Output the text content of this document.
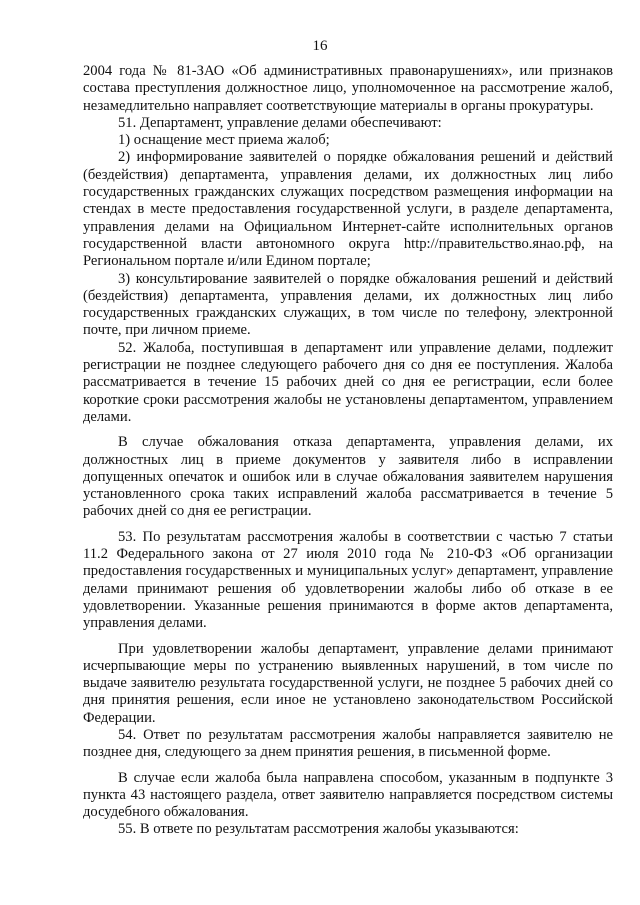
16

2004 года № 81-ЗАО «Об административных правонарушениях», или признаков состава преступления должностное лицо, уполномоченное на рассмотрение жалоб, незамедлительно направляет соответствующие материалы в органы прокуратуры.

51. Департамент, управление делами обеспечивают:

1) оснащение мест приема жалоб;

2) информирование заявителей о порядке обжалования решений и действий (бездействия) департамента, управления делами, их должностных лиц либо государственных гражданских служащих посредством размещения информации на стендах в месте предоставления государственной услуги, в разделе департамента, управления делами на Официальном Интернет-сайте исполнительных органов государственной власти автономного округа http://правительство.янао.рф, на Региональном портале и/или Едином портале;

3) консультирование заявителей о порядке обжалования решений и действий (бездействия) департамента, управления делами, их должностных лиц либо государственных гражданских служащих, в том числе по телефону, электронной почте, при личном приеме.

52. Жалоба, поступившая в департамент или управление делами, подлежит регистрации не позднее следующего рабочего дня со дня ее поступления. Жалоба рассматривается в течение 15 рабочих дней со дня ее регистрации, если более короткие сроки рассмотрения жалобы не установлены департаментом, управлением делами.

В случае обжалования отказа департамента, управления делами, их должностных лиц в приеме документов у заявителя либо в исправлении допущенных опечаток и ошибок или в случае обжалования заявителем нарушения установленного срока таких исправлений жалоба рассматривается в течение 5 рабочих дней со дня ее регистрации.

53. По результатам рассмотрения жалобы в соответствии с частью 7 статьи 11.2 Федерального закона от 27 июля 2010 года № 210-ФЗ «Об организации предоставления государственных и муниципальных услуг» департамент, управление делами принимают решения об удовлетворении жалобы либо об отказе в ее удовлетворении. Указанные решения принимаются в форме актов департамента, управления делами.

При удовлетворении жалобы департамент, управление делами принимают исчерпывающие меры по устранению выявленных нарушений, в том числе по выдаче заявителю результата государственной услуги, не позднее 5 рабочих дней со дня принятия решения, если иное не установлено законодательством Российской Федерации.

54. Ответ по результатам рассмотрения жалобы направляется заявителю не позднее дня, следующего за днем принятия решения, в письменной форме.

В случае если жалоба была направлена способом, указанным в подпункте 3 пункта 43 настоящего раздела, ответ заявителю направляется посредством системы досудебного обжалования.

55. В ответе по результатам рассмотрения жалобы указываются:
